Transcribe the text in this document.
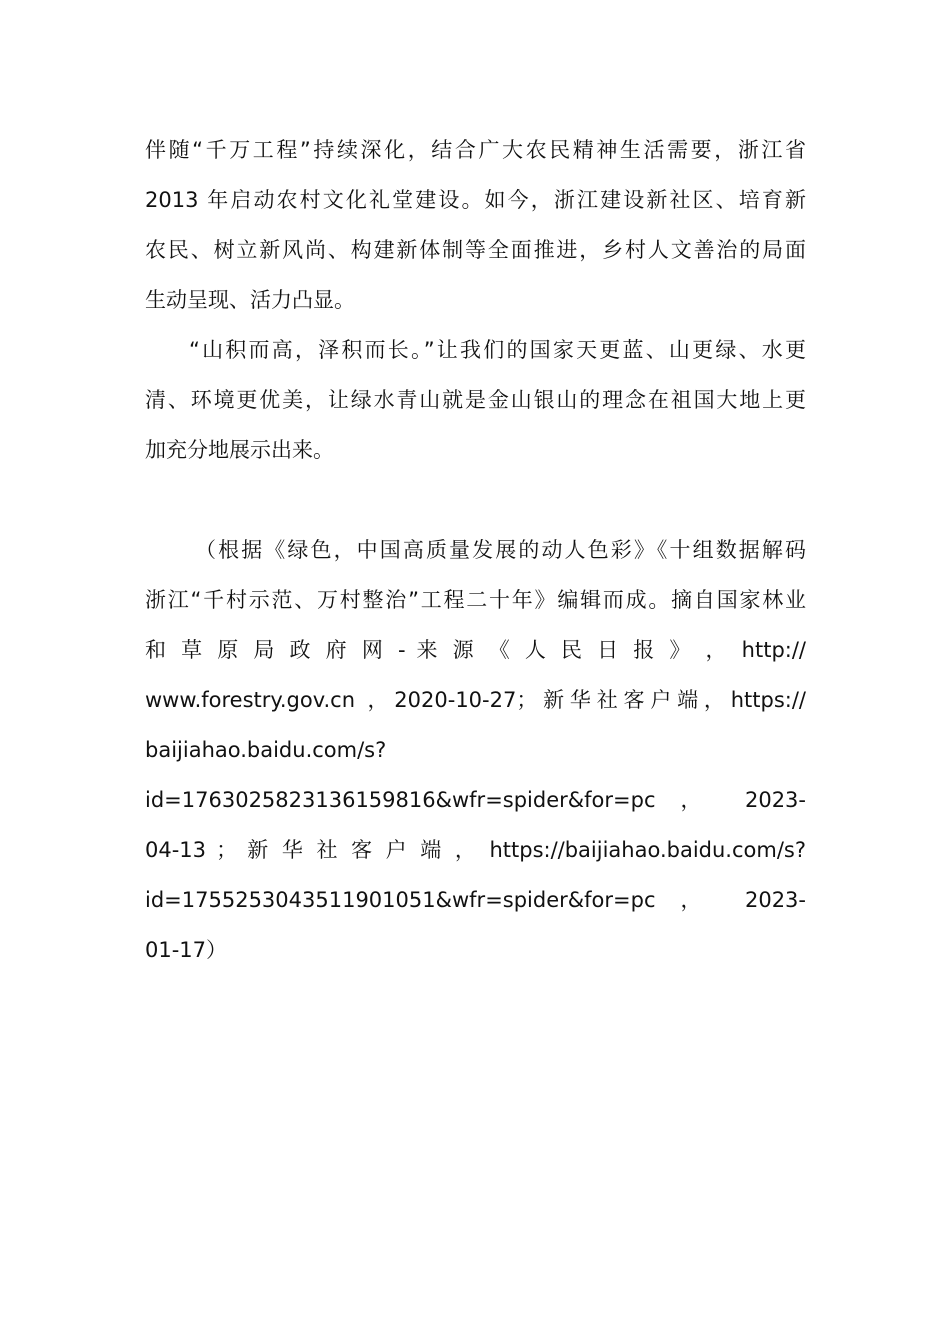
伴随“千万工程”持续深化，结合广大农民精神生活需要，浙江省
2013 年启动农村文化礼堂建设。如今，浙江建设新社区、培育新
农民、树立新风尚、构建新体制等全面推进，乡村人文善治的局面
生动呈现、活力凸显。
“山积而高，泽积而长。”让我们的国家天更蓝、山更绿、水更
清、环境更优美，让绿水青山就是金山银山的理念在祖国大地上更
加充分地展示出来。
（根据《绿色，中国高质量发展的动人色彩》《十组数据解码
浙江“千村示范、万村整治”工程二十年》编辑而成。摘自国家林业
和 草 原 局 政 府 网 - 来 源 《 人 民 日 报 》 ， http://
www.forestry.gov.cn ，2020-10-27；新华社客户端，https://
baijiahao.baidu.com/s?
id=1763025823136159816&wfr=spider&for=pc ， 2023-
04-13 ； 新 华 社 客 户 端 ， https://baijiahao.baidu.com/s?
id=1755253043511901051&wfr=spider&for=pc ， 2023-
01-17）
